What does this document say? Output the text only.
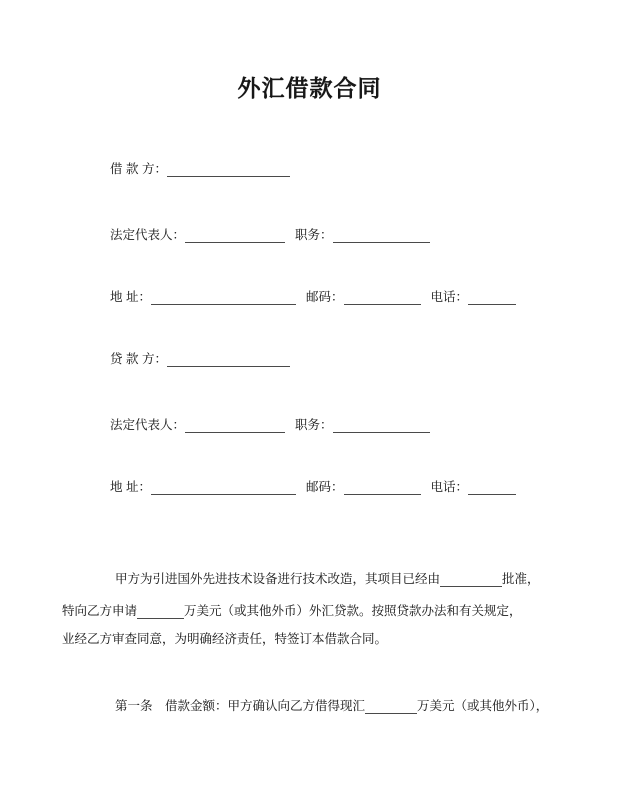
外汇借款合同
借 款 方：
法定代表人：	职务：
地 址：	邮码：	电话：
贷 款 方：
法定代表人：	职务：
地 址：	邮码：	电话：
甲方为引进国外先进技术设备进行技术改造，其项目已经由	批准，
特向乙方申请	万美元（或其他外币）外汇贷款。按照贷款办法和有关规定，
业经乙方审查同意，为明确经济责任，特签订本借款合同。
第一条　借款金额：甲方确认向乙方借得现汇	万美元（或其他外币），
